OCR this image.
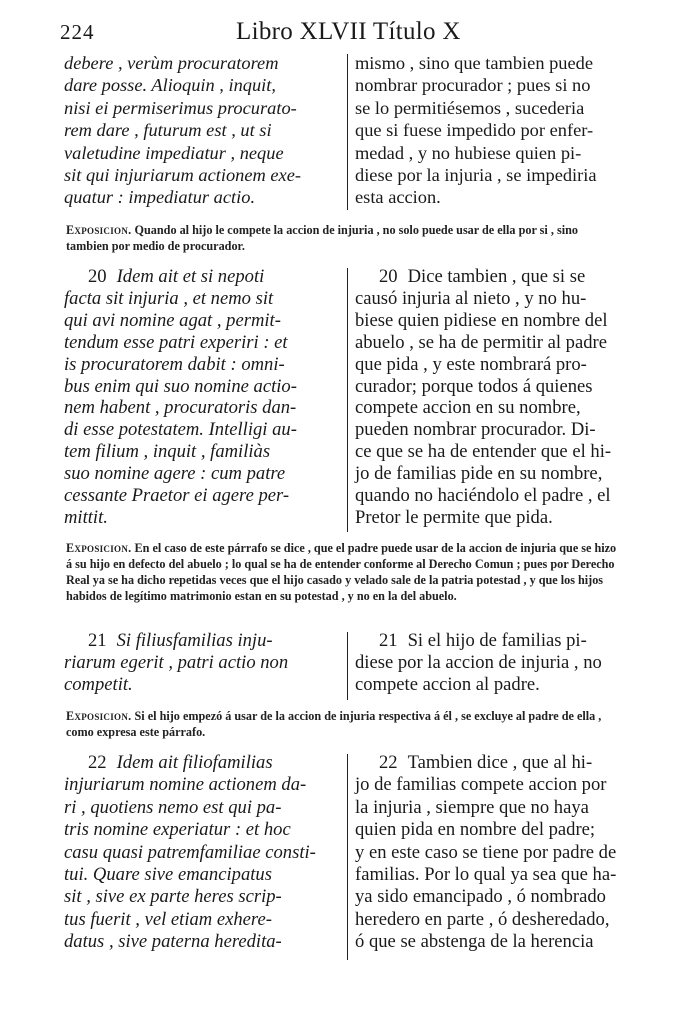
224	Libro XLVII Título X

debere , verùm procuratorem

dare posse. Alioquin , inquit,

nisi ei permiserimus procurato-

rem dare , futurum est , ut si

valetudine impediatur , neque

sit qui injuriarum actionem exe-

quatur : impediatur actio.

mismo , sino que tambien puede

nombrar procurador ; pues si no

se lo permitiésemos , sucederia

que si fuese impedido por enfer-

medad , y no hubiese quien pi-

diese por la injuria , se impediria

esta accion.

Exposicion. Quando al hijo le compete la accion de injuria , no solo puede usar de ella por si , sino tambien por medio de procurador.

20 Idem ait et si nepoti

facta sit injuria , et nemo sit

qui avi nomine agat , permit-

tendum esse patri experiri : et

is procuratorem dabit : omni-

bus enim qui suo nomine actio-

nem habent , procuratoris dan-

di esse potestatem. Intelligi au-

tem filium , inquit , familiàs

suo nomine agere : cum patre

cessante Praetor ei agere per-

mittit.

20 Dice tambien , que si se

causó injuria al nieto , y no hu-

biese quien pidiese en nombre del

abuelo , se ha de permitir al padre

que pida , y este nombrará pro-

curador; porque todos á quienes

compete accion en su nombre,

pueden nombrar procurador. Di-

ce que se ha de entender que el hi-

jo de familias pide en su nombre,

quando no haciéndolo el padre , el

Pretor le permite que pida.

Exposicion. En el caso de este párrafo se dice , que el padre puede usar de la accion de injuria que se hizo á su hijo en defecto del abuelo ; lo qual se ha de entender conforme al Derecho Comun ; pues por Derecho Real ya se ha dicho repetidas veces que el hijo casado y velado sale de la patria potestad , y que los hijos habidos de legítimo matrimonio estan en su potestad , y no en la del abuelo.

21 Si filiusfamilias inju-

riarum egerit , patri actio non

competit.

21 Si el hijo de familias pi-

diese por la accion de injuria , no

compete accion al padre.

Exposicion. Si el hijo empezó á usar de la accion de injuria respectiva á él , se excluye al padre de ella , como expresa este párrafo.

22 Idem ait filiofamilias

injuriarum nomine actionem da-

ri , quotiens nemo est qui pa-

tris nomine experiatur : et hoc

casu quasi patremfamiliae consti-

tui. Quare sive emancipatus

sit , sive ex parte heres scrip-

tus fuerit , vel etiam exhere-

datus , sive paterna heredita-

22 Tambien dice , que al hi-

jo de familias compete accion por

la injuria , siempre que no haya

quien pida en nombre del padre;

y en este caso se tiene por padre de

familias. Por lo qual ya sea que ha-

ya sido emancipado , ó nombrado

heredero en parte , ó desheredado,

ó que se abstenga de la herencia
